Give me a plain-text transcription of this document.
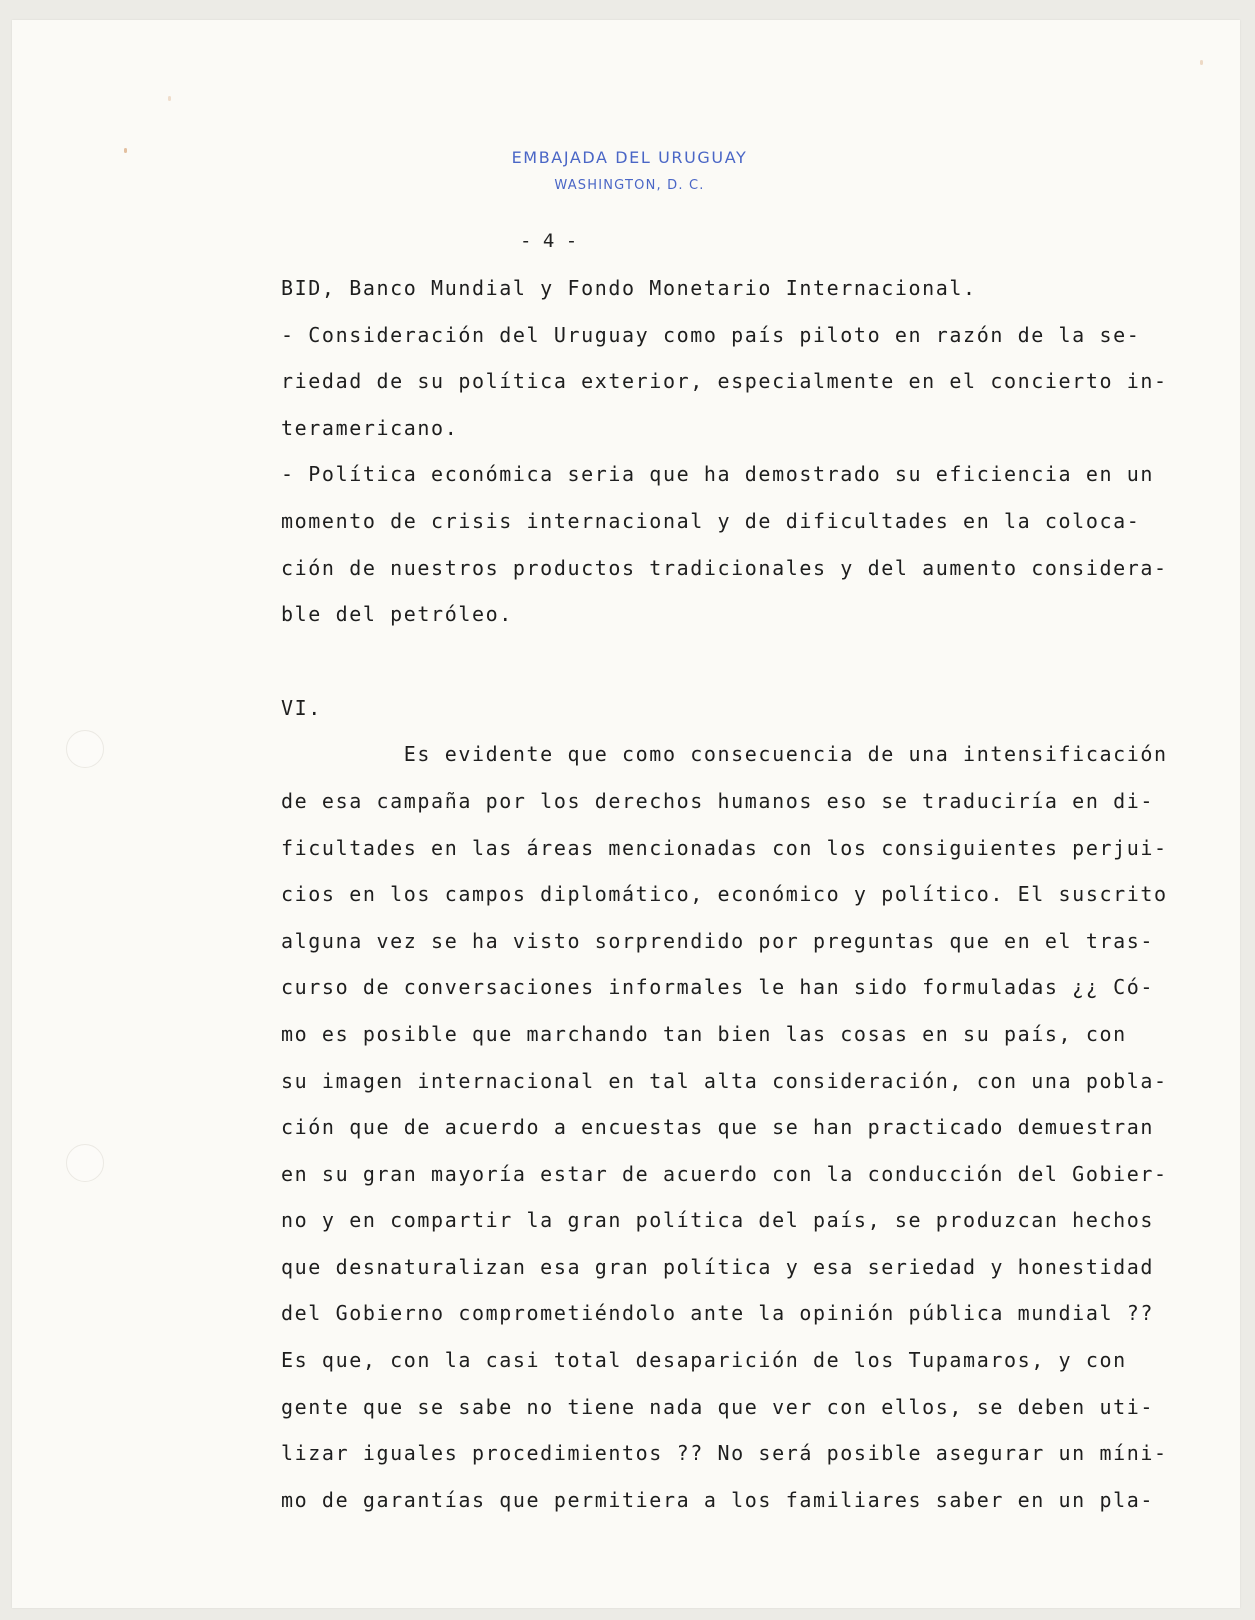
EMBAJADA DEL URUGUAY
WASHINGTON, D. C.
- 4 -
BID, Banco Mundial y Fondo Monetario Internacional.
- Consideración del Uruguay como país piloto en razón de la se-
riedad de su política exterior, especialmente en el concierto in-
teramericano.
- Política económica seria que ha demostrado su eficiencia en un
momento de crisis internacional y de dificultades en la coloca-
ción de nuestros productos tradicionales y del aumento considera-
ble del petróleo.
VI.
Es evidente que como consecuencia de una intensificación
de esa campaña por los derechos humanos eso se traduciría en di-
ficultades en las áreas mencionadas con los consiguientes perjui-
cios en los campos diplomático, económico y político. El suscrito
alguna vez se ha visto sorprendido por preguntas que en el tras-
curso de conversaciones informales le han sido formuladas ¿¿ Có-
mo es posible que marchando tan bien las cosas en su país, con
su imagen internacional en tal alta consideración, con una pobla-
ción que de acuerdo a encuestas que se han practicado demuestran
en su gran mayoría estar de acuerdo con la conducción del Gobier-
no y en compartir la gran política del país, se produzcan hechos
que desnaturalizan esa gran política y esa seriedad y honestidad
del Gobierno comprometiéndolo ante la opinión pública mundial ??
Es que, con la casi total desaparición de los Tupamaros, y con
gente que se sabe no tiene nada que ver con ellos, se deben uti-
lizar iguales procedimientos ?? No será posible asegurar un míni-
mo de garantías que permitiera a los familiares saber en un pla-
